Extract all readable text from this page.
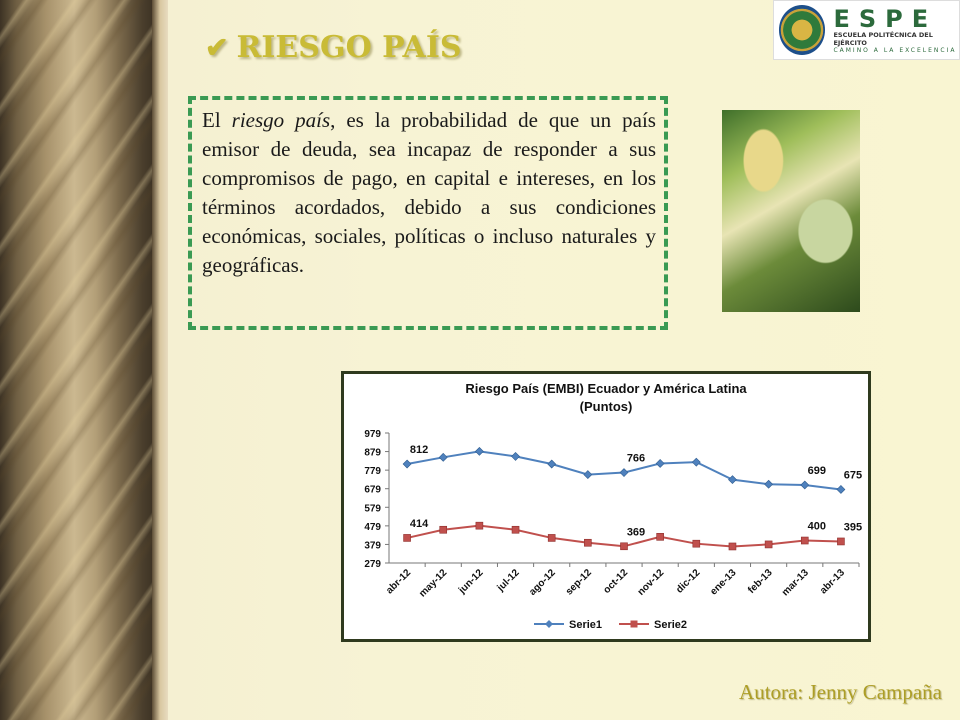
✔ RIESGO PAÍS
ESPE
ESCUELA POLITÉCNICA DEL EJÉRCITO
CAMINO A LA EXCELENCIA

El riesgo país, es la probabilidad de que un país emisor de deuda, sea incapaz de responder a sus compromisos de pago, en capital e intereses, en los términos acordados, debido a sus condiciones económicas, sociales, políticas o incluso naturales y geográficas.

Riesgo País (EMBI) Ecuador y América Latina
(Puntos)
279
379
479
579
679
779
879
979
abr-12 may-12 jun-12 jul-12 ago-12 sep-12 oct-12 nov-12 dic-12 ene-13 feb-13 mar-13 abr-13
812
766
699 675
414
369	400 395
Serie1	Serie2
Autora: Jenny Campaña
